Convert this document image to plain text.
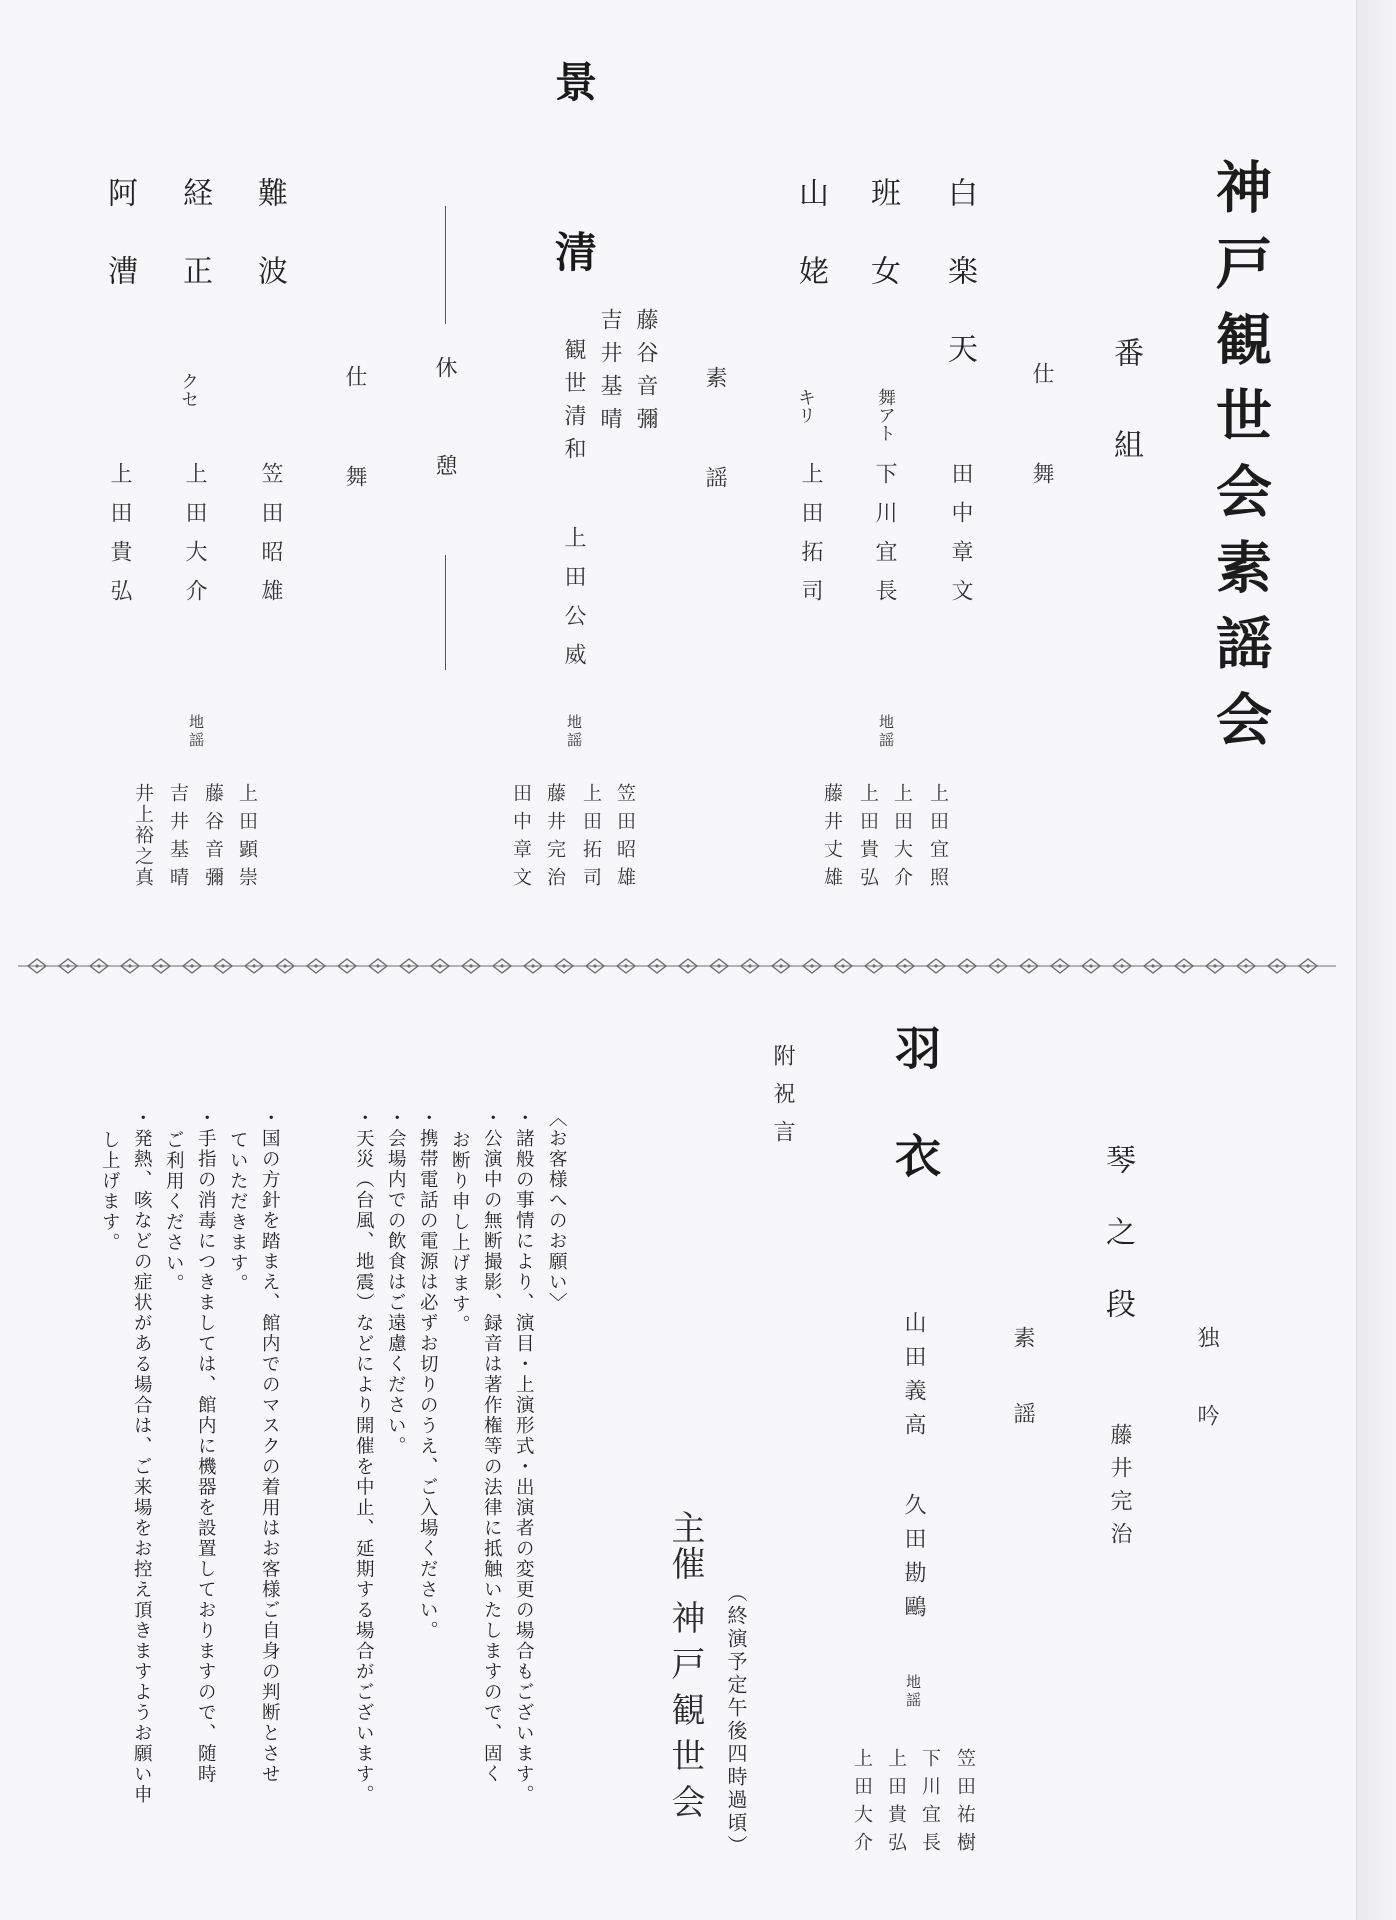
神戸観世会素謡会
番組
仕舞
白楽天
田中章文
班女
舞アト
下川宜長
山姥
キリ
上田拓司
地謡
上田宜照
上田大介
上田貴弘
藤井丈雄
景
清
素謡
藤谷音彌
吉井基晴
観世清和
上田公威
地謡
笠田昭雄
上田拓司
藤井完治
田中章文
休憩
仕舞
難波
笠田昭雄
経正
クセ
上田大介
阿漕
上田貴弘
地謡
上田顕崇
藤谷音彌
吉井基晴
井上裕之真
独吟
琴之段
藤井完治
素謡
羽衣
山田義高
久田勘鷗
地謡
笠田祐樹
下川宜長
上田貴弘
上田大介
附祝言
主催
神戸観世会 （終演予定午後四時過頃）
〈お客様へのお願い〉
・諸般の事情により、演目・上演形式・出演者の変更の場合もございます。
・公演中の無断撮影、録音は著作権等の法律に抵触いたしますので、固く
お断り申し上げます。
・携帯電話の電源は必ずお切りのうえ、ご入場ください。
・会場内での飲食はご遠慮ください。
・天災（台風、地震）などにより開催を中止、延期する場合がございます。
・国の方針を踏まえ、館内でのマスクの着用はお客様ご自身の判断とさせ
ていただきます。
・手指の消毒につきましては、館内に機器を設置しておりますので、随時
ご利用ください。
・発熱、咳などの症状がある場合は、ご来場をお控え頂きますようお願い申
し上げます。
